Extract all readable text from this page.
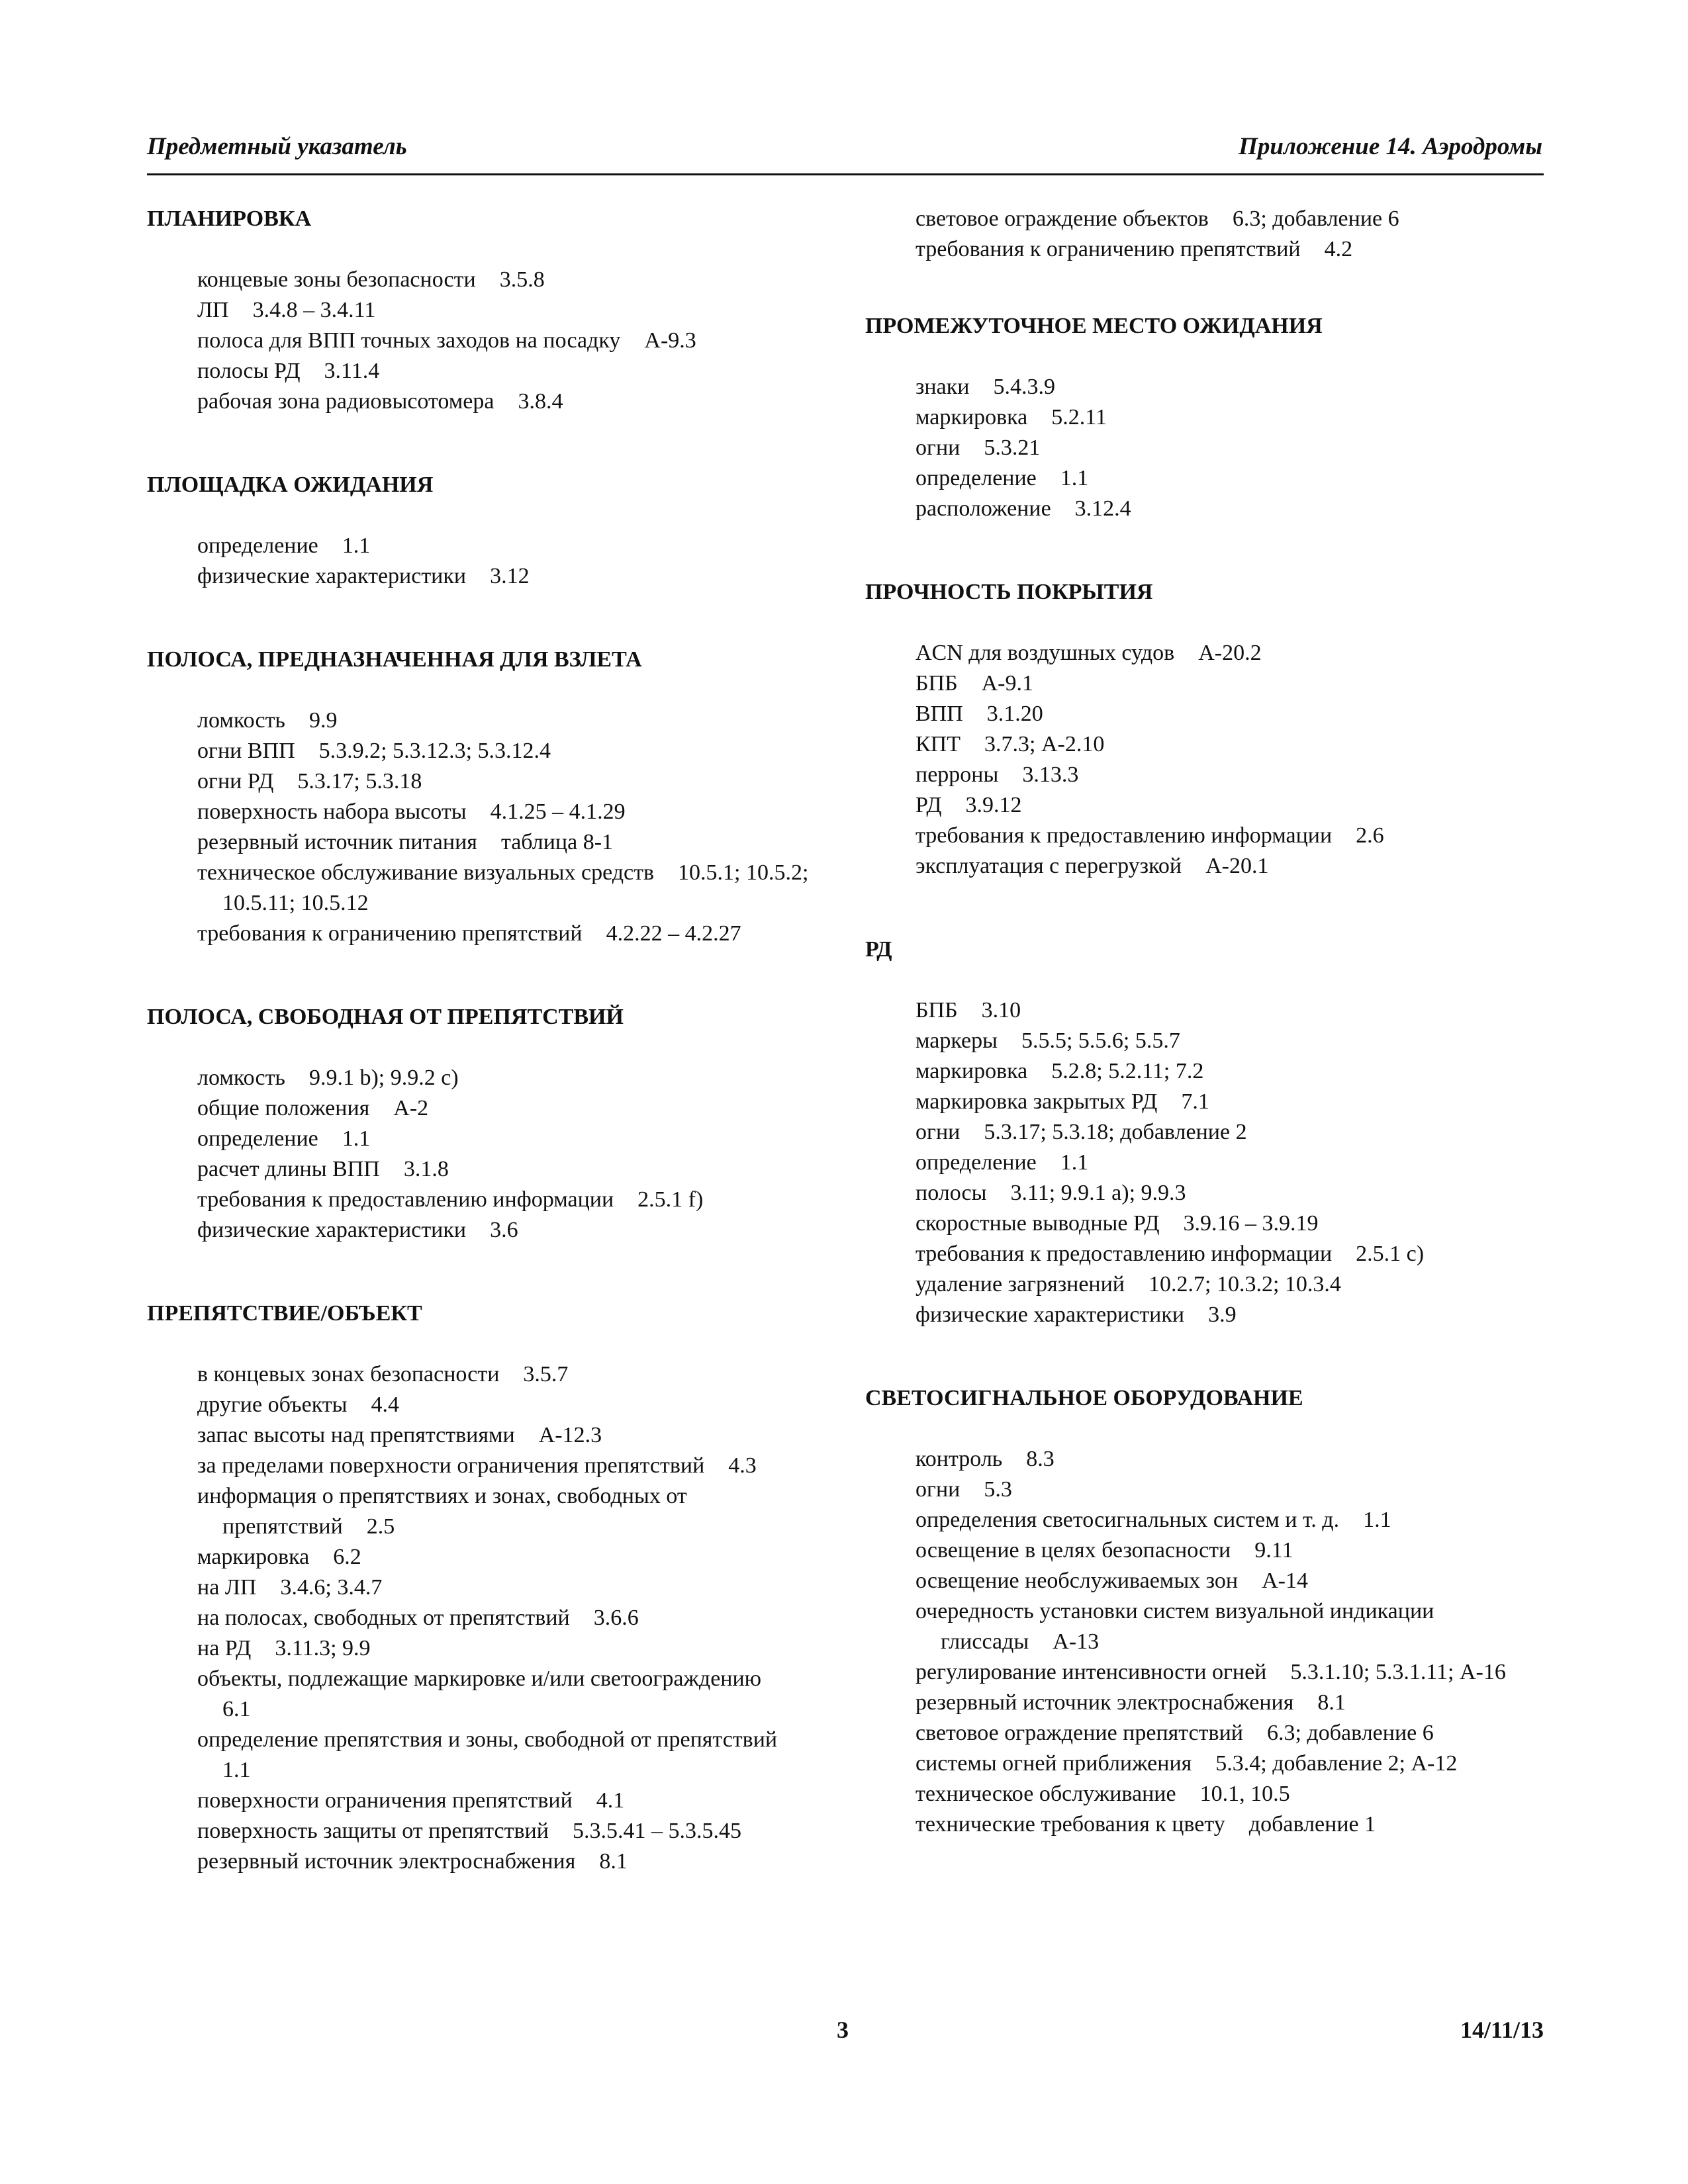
Предметный указатель	Приложение 14. Аэродромы
ПЛАНИРОВКА
концевые зоны безопасности 3.5.8
ЛП 3.4.8 – 3.4.11
полоса для ВПП точных заходов на посадку А-9.3
полосы РД 3.11.4
рабочая зона радиовысотомера 3.8.4
ПЛОЩАДКА ОЖИДАНИЯ
определение 1.1
физические характеристики 3.12
ПОЛОСА, ПРЕДНАЗНАЧЕННАЯ ДЛЯ ВЗЛЕТА
ломкость 9.9
огни ВПП 5.3.9.2; 5.3.12.3; 5.3.12.4
огни РД 5.3.17; 5.3.18
поверхность набора высоты 4.1.25 – 4.1.29
резервный источник питания таблица 8-1
техническое обслуживание визуальных средств 10.5.1; 10.5.2; 10.5.11; 10.5.12
требования к ограничению препятствий 4.2.22 – 4.2.27
ПОЛОСА, СВОБОДНАЯ ОТ ПРЕПЯТСТВИЙ
ломкость 9.9.1 b); 9.9.2 c)
общие положения А-2
определение 1.1
расчет длины ВПП 3.1.8
требования к предоставлению информации 2.5.1 f)
физические характеристики 3.6
ПРЕПЯТСТВИЕ/ОБЪЕКТ
в концевых зонах безопасности 3.5.7
другие объекты 4.4
запас высоты над препятствиями А-12.3
за пределами поверхности ограничения препятствий 4.3
информация о препятствиях и зонах, свободных от препятствий 2.5
маркировка 6.2
на ЛП 3.4.6; 3.4.7
на полосах, свободных от препятствий 3.6.6
на РД 3.11.3; 9.9
объекты, подлежащие маркировке и/или светоограждению6.1
определение препятствия и зоны, свободной от препятствий1.1
поверхности ограничения препятствий 4.1
поверхность защиты от препятствий 5.3.5.41 – 5.3.5.45
резервный источник электроснабжения 8.1
световое ограждение объектов 6.3; добавление 6
требования к ограничению препятствий 4.2
ПРОМЕЖУТОЧНОЕ МЕСТО ОЖИДАНИЯ
знаки 5.4.3.9
маркировка 5.2.11
огни 5.3.21
определение 1.1
расположение 3.12.4
ПРОЧНОСТЬ ПОКРЫТИЯ
ACN для воздушных судов А-20.2
БПБ А-9.1
ВПП 3.1.20
КПТ 3.7.3; А-2.10
перроны 3.13.3
РД 3.9.12
требования к предоставлению информации 2.6
эксплуатация с перегрузкой А-20.1
РД
БПБ 3.10
маркеры 5.5.5; 5.5.6; 5.5.7
маркировка 5.2.8; 5.2.11; 7.2
маркировка закрытых РД 7.1
огни 5.3.17; 5.3.18; добавление 2
определение 1.1
полосы 3.11; 9.9.1 a); 9.9.3
скоростные выводные РД 3.9.16 – 3.9.19
требования к предоставлению информации 2.5.1 c)
удаление загрязнений 10.2.7; 10.3.2; 10.3.4
физические характеристики 3.9
СВЕТОСИГНАЛЬНОЕ ОБОРУДОВАНИЕ
контроль 8.3
огни 5.3
определения светосигнальных систем и т. д. 1.1
освещение в целях безопасности 9.11
освещение необслуживаемых зон А-14
очередность установки систем визуальной индикации глиссады А-13
регулирование интенсивности огней 5.3.1.10; 5.3.1.11; А-16
резервный источник электроснабжения 8.1
световое ограждение препятствий 6.3; добавление 6
системы огней приближения 5.3.4; добавление 2; А-12
техническое обслуживание 10.1, 10.5
технические требования к цвету добавление 1
3	14/11/13
